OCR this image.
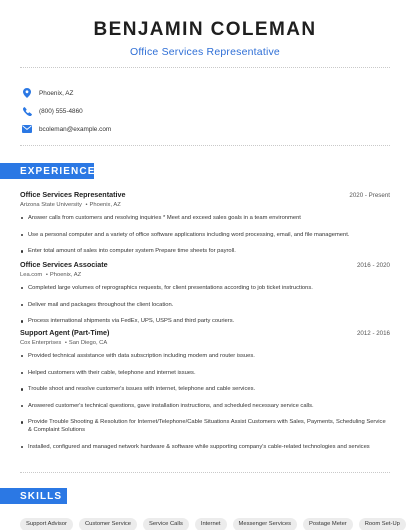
BENJAMIN COLEMAN
Office Services Representative
Phoenix, AZ
(800) 555-4860
bcoleman@example.com
EXPERIENCE
Office Services Representative	2020 - Present
Arizona State University • Phoenix, AZ
Answer calls from customers and resolving inquiries * Meet and exceed sales goals in a team environment
Use a personal computer and a variety of office software applications including word processing, email, and file management.
Enter total amount of sales into computer system Prepare time sheets for payroll.
Office Services Associate	2016 - 2020
Lea.com • Phoenix, AZ
Completed large volumes of reprographics requests, for client presentations according to job ticket instructions.
Deliver mail and packages throughout the client location.
Process international shipments via FedEx, UPS, USPS and third party couriers.
Support Agent (Part-Time)	2012 - 2016
Cox Enterprises • San Diego, CA
Provided technical assistance with data subscription including modem and router issues.
Helped customers with their cable, telephone and internet issues.
Trouble shoot and resolve customer's issues with internet, telephone and cable services.
Answered customer's technical questions, gave installation instructions, and scheduled necessary service calls.
Provide Trouble Shooting & Resolution for Internet/Telephone/Cable Situations Assist Customers with Sales, Payments, Scheduling Service & Complaint Solutions
Installed, configured and managed network hardware & software while supporting company's cable-related technologies and services
SKILLS
Support Advisor	Customer Service	Service Calls	Internet	Messenger Services	Postage Meter	Room Set-Up
